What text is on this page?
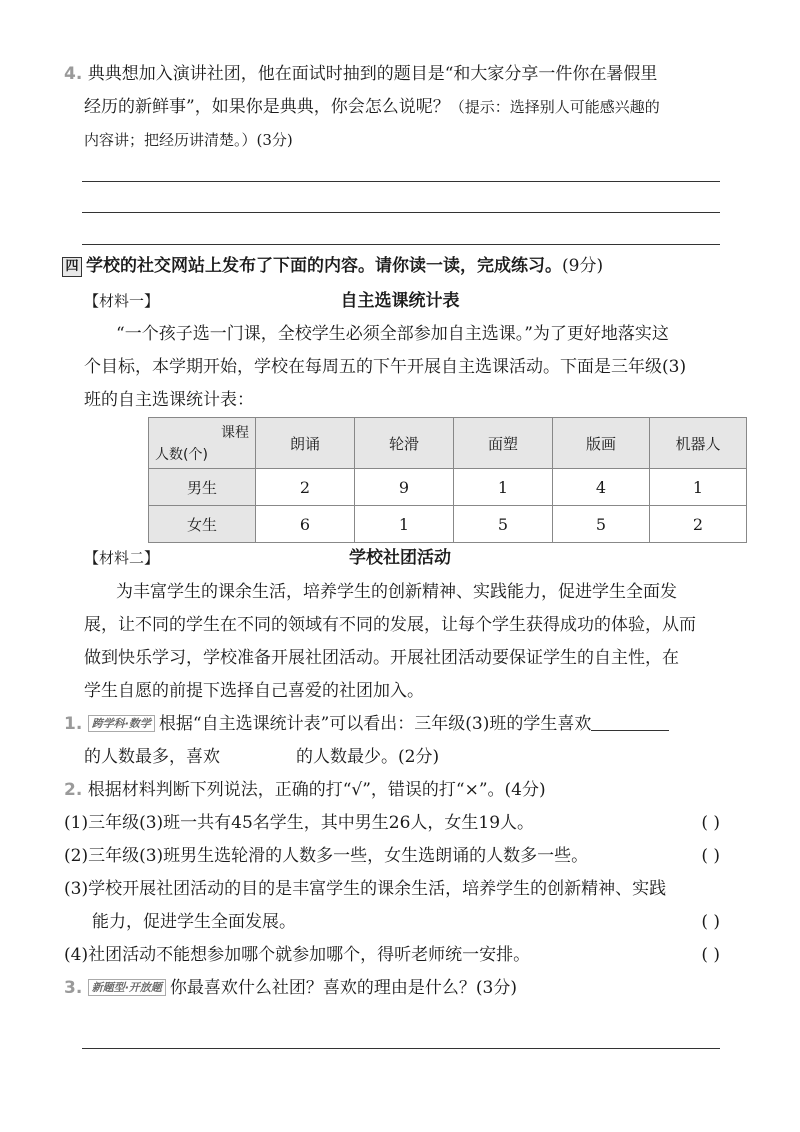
4. 典典想加入演讲社团，他在面试时抽到的题目是“和大家分享一件你在暑假里

经历的新鲜事”，如果你是典典，你会怎么说呢？（提示：选择别人可能感兴趣的

内容讲；把经历讲清楚。）(3分)

四 学校的社交网站上发布了下面的内容。请你读一读，完成练习。(9分)
【材料一】	自主选课统计表

“一个孩子选一门课，全校学生必须全部参加自主选课。”为了更好地落实这

个目标，本学期开始，学校在每周五的下午开展自主选课活动。下面是三年级(3)

班的自主选课统计表：

课程
人数(个)	朗诵	轮滑	面塑	版画	机器人
男生	2	9	1	4	1
女生	6	1	5	5	2
【材料二】	学校社团活动

为丰富学生的课余生活，培养学生的创新精神、实践能力，促进学生全面发

展，让不同的学生在不同的领域有不同的发展，让每个学生获得成功的体验，从而

做到快乐学习，学校准备开展社团活动。开展社团活动要保证学生的自主性，在

学生自愿的前提下选择自己喜爱的社团加入。

1. 跨学科·数学 根据“自主选课统计表”可以看出：三年级(3)班的学生喜欢

的人数最多，喜欢	的人数最少。(2分)

2. 根据材料判断下列说法，正确的打“√”，错误的打“×”。(4分)

(1)三年级(3)班一共有45名学生，其中男生26人，女生19人。	( )

(2)三年级(3)班男生选轮滑的人数多一些，女生选朗诵的人数多一些。	( )

(3)学校开展社团活动的目的是丰富学生的课余生活，培养学生的创新精神、实践

能力，促进学生全面发展。	( )

(4)社团活动不能想参加哪个就参加哪个，得听老师统一安排。	( )

3. 新题型·开放题 你最喜欢什么社团？喜欢的理由是什么？(3分)
